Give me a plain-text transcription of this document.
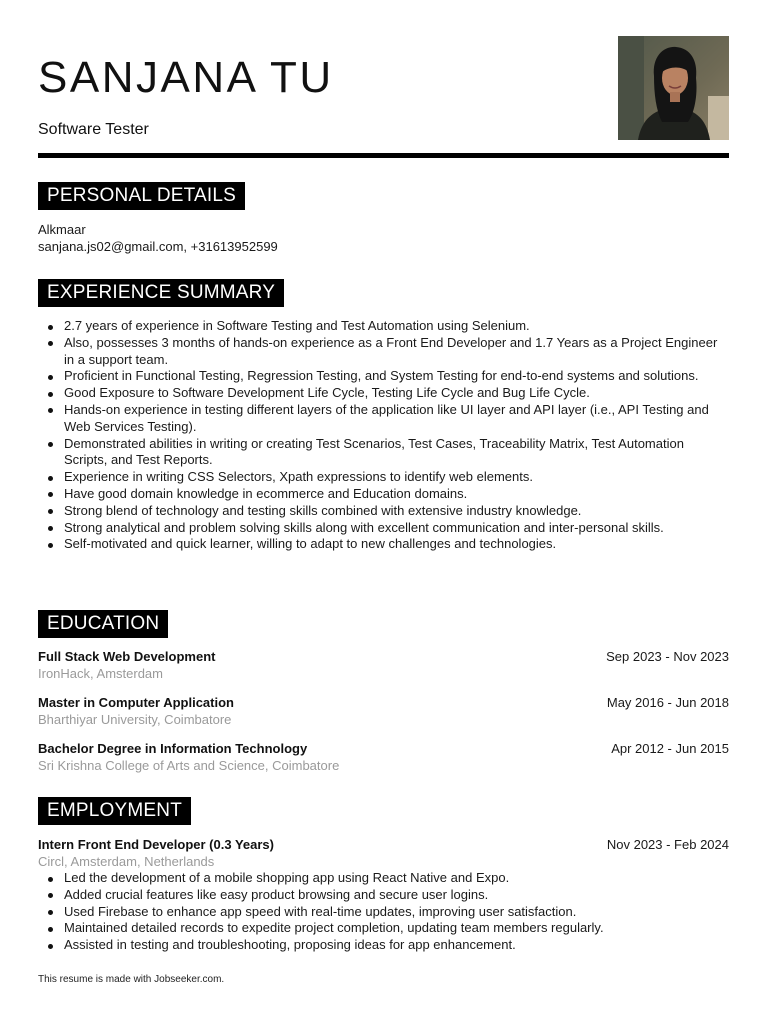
SANJANA TU

Software Tester

PERSONAL DETAILS

Alkmaar

sanjana.js02@gmail.com, +31613952599

EXPERIENCE SUMMARY
2.7 years of experience in Software Testing and Test Automation using Selenium.
Also, possesses 3 months of hands-on experience as a Front End Developer and 1.7 Years as a Project Engineer in a support team.
Proficient in Functional Testing, Regression Testing, and System Testing for end-to-end systems and solutions.
Good Exposure to Software Development Life Cycle, Testing Life Cycle and Bug Life Cycle.
Hands-on experience in testing different layers of the application like UI layer and API layer (i.e., API Testing and Web Services Testing).
Demonstrated abilities in writing or creating Test Scenarios, Test Cases, Traceability Matrix, Test Automation Scripts, and Test Reports.
Experience in writing CSS Selectors, Xpath expressions to identify web elements.
Have good domain knowledge in ecommerce and Education domains.
Strong blend of technology and testing skills combined with extensive industry knowledge.
Strong analytical and problem solving skills along with excellent communication and inter-personal skills.
Self-motivated and quick learner, willing to adapt to new challenges and technologies.
EDUCATION
Full Stack Web Development	Sep 2023 - Nov 2023
IronHack, Amsterdam
Master in Computer Application	May 2016 - Jun 2018
Bharthiyar University, Coimbatore
Bachelor Degree in Information Technology	Apr 2012 - Jun 2015
Sri Krishna College of Arts and Science, Coimbatore
EMPLOYMENT
Intern Front End Developer (0.3 Years)	Nov 2023 - Feb 2024
Circl, Amsterdam, Netherlands
Led the development of a mobile shopping app using React Native and Expo.
Added crucial features like easy product browsing and secure user logins.
Used Firebase to enhance app speed with real-time updates, improving user satisfaction.
Maintained detailed records to expedite project completion, updating team members regularly.
Assisted in testing and troubleshooting, proposing ideas for app enhancement.

This resume is made with Jobseeker.com.
